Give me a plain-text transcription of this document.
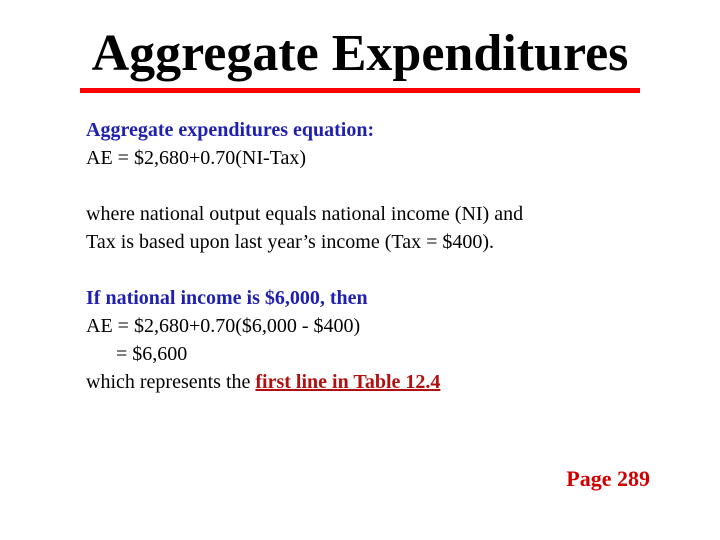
Aggregate Expenditures
Aggregate expenditures equation:
AE = $2,680+0.70(NI-Tax)
where national output equals national income (NI) and
Tax is based upon last year’s income (Tax = $400).
If national income is $6,000, then
AE = $2,680+0.70($6,000 - $400)
= $6,600
which represents the first line in Table 12.4
Page 289
